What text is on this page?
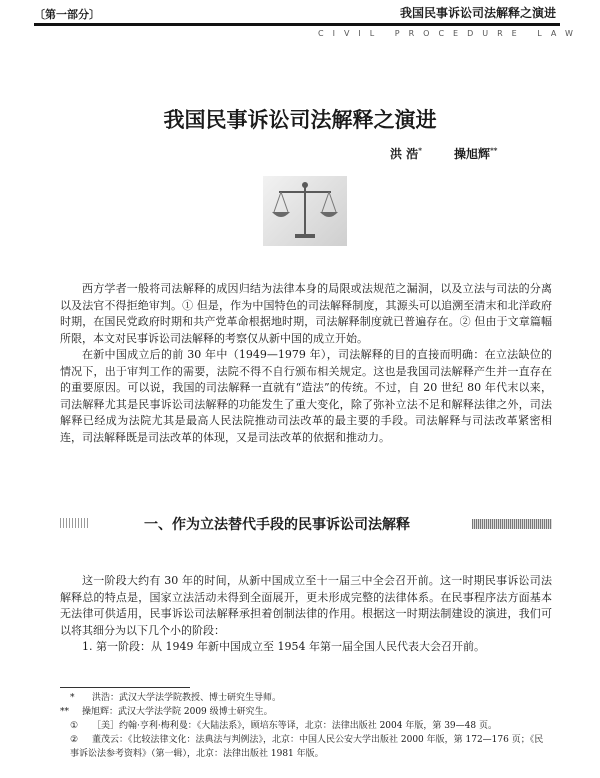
〔第一部分〕	我国民事诉讼司法解释之演进
CIVIL PROCEDURE LAW
我国民事诉讼司法解释之演进
洪 浩*	操旭辉**

西方学者一般将司法解释的成因归结为法律本身的局限或法规范之漏洞，以及立法与司法的分离以及法官不得拒绝审判。① 但是，作为中国特色的司法解释制度，其源头可以追溯至清末和北洋政府时期，在国民党政府时期和共产党革命根据地时期，司法解释制度就已普遍存在。② 但由于文章篇幅所限，本文对民事诉讼司法解释的考察仅从新中国的成立开始。

在新中国成立后的前 30 年中（1949—1979 年），司法解释的目的直接而明确：在立法缺位的情况下，出于审判工作的需要，法院不得不自行颁布相关规定。这也是我国司法解释产生并一直存在的重要原因。可以说，我国的司法解释一直就有“造法”的传统。不过，自 20 世纪 80 年代末以来，司法解释尤其是民事诉讼司法解释的功能发生了重大变化，除了弥补立法不足和解释法律之外，司法解释已经成为法院尤其是最高人民法院推动司法改革的最主要的手段。司法解释与司法改革紧密相连，司法解释既是司法改革的体现，又是司法改革的依据和推动力。

一、作为立法替代手段的民事诉讼司法解释

这一阶段大约有 30 年的时间，从新中国成立至十一届三中全会召开前。这一时期民事诉讼司法解释总的特点是，国家立法活动未得到全面展开，更未形成完整的法律体系。在民事程序法方面基本无法律可供适用，民事诉讼司法解释承担着创制法律的作用。根据这一时期法制建设的演进，我们可以将其细分为以下几个小的阶段：

1. 第一阶段：从 1949 年新中国成立至 1954 年第一届全国人民代表大会召开前。

* 洪浩：武汉大学法学院教授、博士研究生导师。

** 操旭辉：武汉大学法学院 2009 级博士研究生。

① ［美］约翰·亨利·梅利曼：《大陆法系》，顾培东等译，北京：法律出版社 2004 年版，第 39—48 页。

② 董茂云：《比较法律文化：法典法与判例法》，北京：中国人民公安大学出版社 2000 年版，第 172—176 页；《民事诉讼法参考资料》（第一辑），北京：法律出版社 1981 年版。
